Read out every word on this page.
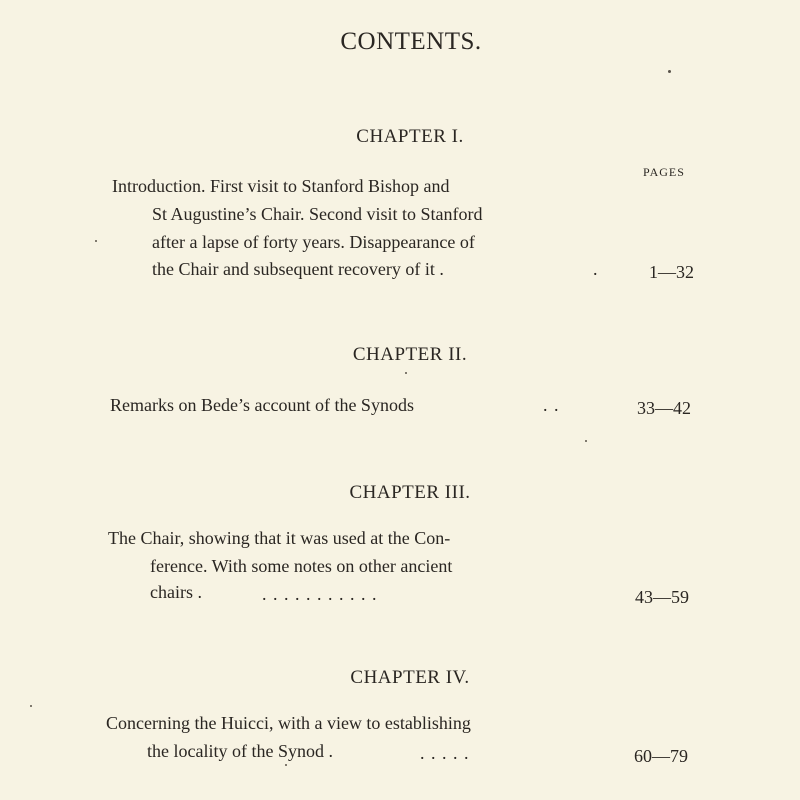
CONTENTS.
CHAPTER I.
PAGES
Introduction. First visit to Stanford Bishop and
St Augustine’s Chair. Second visit to Stanford
after a lapse of forty years. Disappearance of
the Chair and subsequent recovery of it .	.	1—32
CHAPTER II.
Remarks on Bede’s account of the Synods	. .	33—42
CHAPTER III.
The Chair, showing that it was used at the Con-
ference. With some notes on other ancient
chairs .	. . . . . . . . . . .	43—59
CHAPTER IV.
Concerning the Huicci, with a view to establishing
the locality of the Synod .	. . . . .	60—79
